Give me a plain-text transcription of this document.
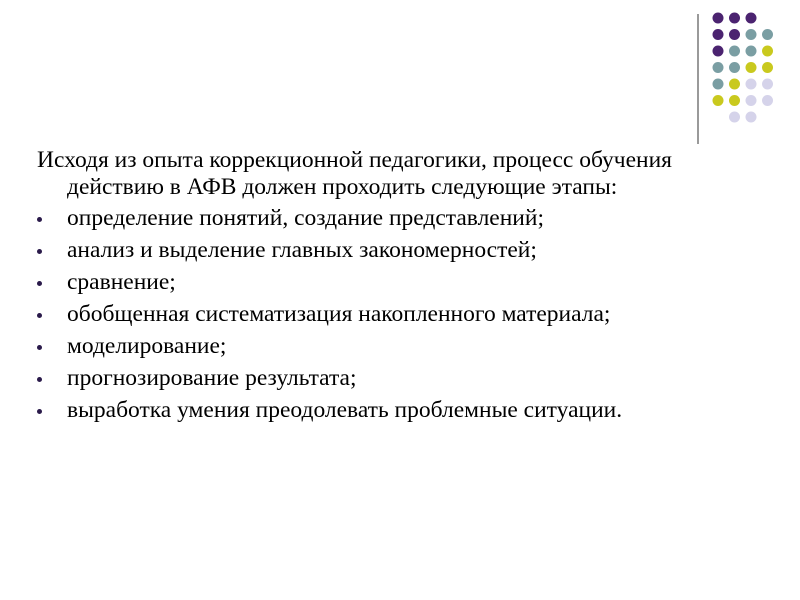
Исходя из опыта коррекционной педагогики, процесс обучения действию в АФВ должен проходить следующие этапы:

определение понятий, создание представлений;
анализ и выделение главных закономерностей;
сравнение;
обобщенная систематизация накопленного материала;
моделирование;
прогнозирование результата;
выработка умения преодолевать проблемные ситуации.
